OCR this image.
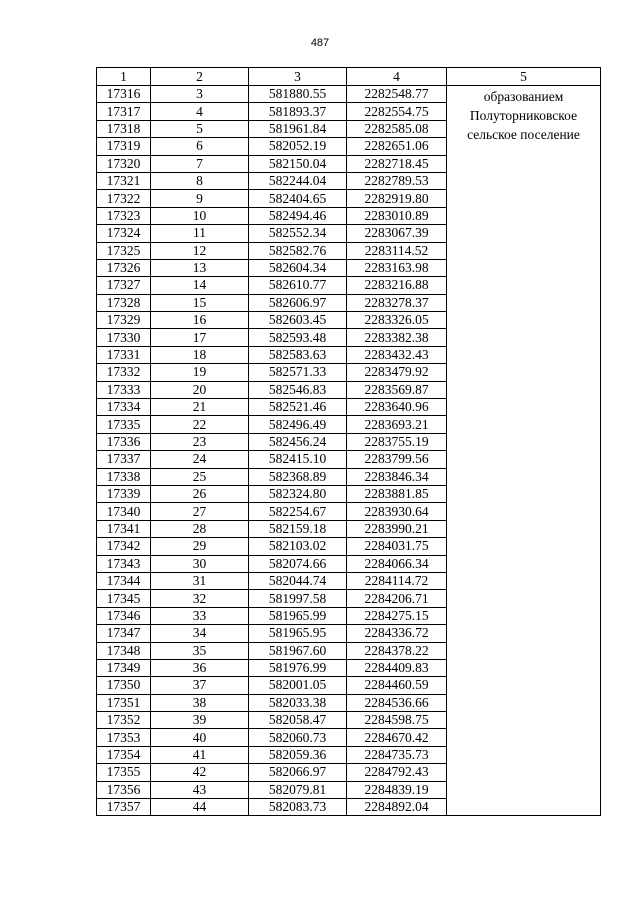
487
1	2	3	4	5
17316	3	581880.55	2282548.77	образованием
Полуторниковское
сельское поселение

17317	4	581893.37	2282554.75	
17318	5	581961.84	2282585.08	
17319	6	582052.19	2282651.06	
17320	7	582150.04	2282718.45	
17321	8	582244.04	2282789.53	
17322	9	582404.65	2282919.80	
17323	10	582494.46	2283010.89	
17324	11	582552.34	2283067.39	
17325	12	582582.76	2283114.52	
17326	13	582604.34	2283163.98	
17327	14	582610.77	2283216.88	
17328	15	582606.97	2283278.37	
17329	16	582603.45	2283326.05	
17330	17	582593.48	2283382.38	
17331	18	582583.63	2283432.43	
17332	19	582571.33	2283479.92	
17333	20	582546.83	2283569.87	
17334	21	582521.46	2283640.96	
17335	22	582496.49	2283693.21	
17336	23	582456.24	2283755.19	
17337	24	582415.10	2283799.56	
17338	25	582368.89	2283846.34	
17339	26	582324.80	2283881.85	
17340	27	582254.67	2283930.64	
17341	28	582159.18	2283990.21	
17342	29	582103.02	2284031.75	
17343	30	582074.66	2284066.34	
17344	31	582044.74	2284114.72	
17345	32	581997.58	2284206.71	
17346	33	581965.99	2284275.15	
17347	34	581965.95	2284336.72	
17348	35	581967.60	2284378.22	
17349	36	581976.99	2284409.83	
17350	37	582001.05	2284460.59	
17351	38	582033.38	2284536.66	
17352	39	582058.47	2284598.75	
17353	40	582060.73	2284670.42	
17354	41	582059.36	2284735.73	
17355	42	582066.97	2284792.43	
17356	43	582079.81	2284839.19	
17357	44	582083.73	2284892.04	
